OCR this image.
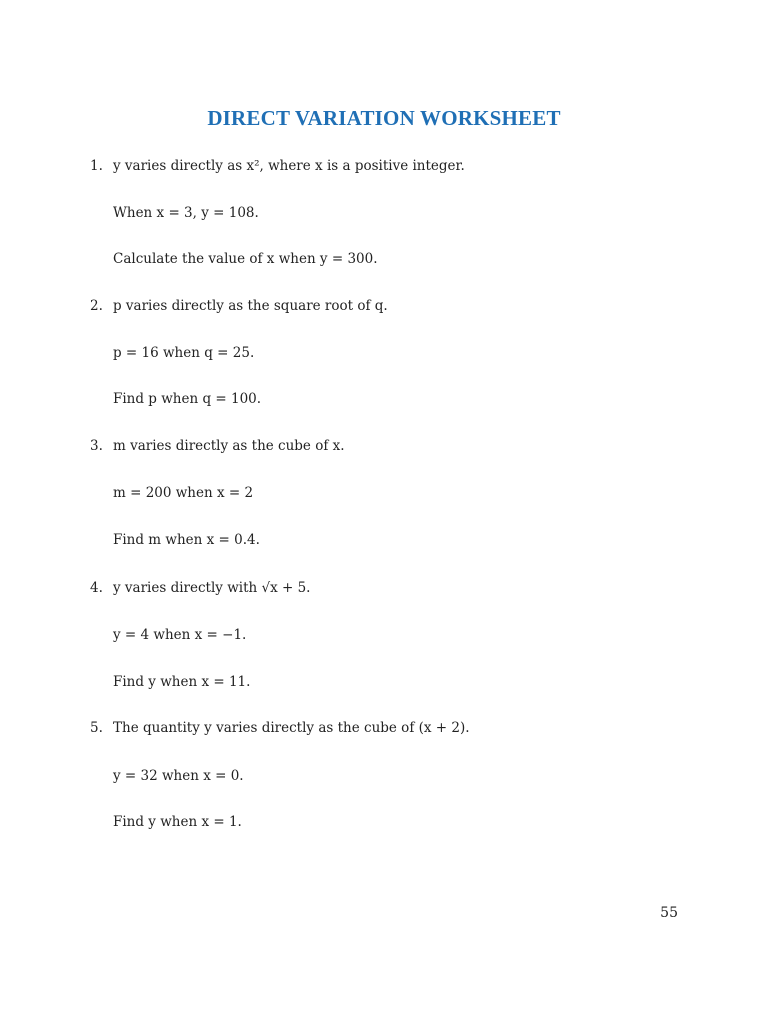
DIRECT VARIATION WORKSHEET
1. y varies directly as x², where x is a positive integer.
When x = 3, y = 108.
Calculate the value of x when y = 300.
2. p varies directly as the square root of q.
p = 16 when q = 25.
Find p when q = 100.
3. m varies directly as the cube of x.
m = 200 when x = 2
Find m when x = 0.4.
4. y varies directly with √x + 5.
y = 4 when x = −1.
Find y when x = 11.
5. The quantity y varies directly as the cube of (x + 2).
y = 32 when x = 0.
Find y when x = 1.
55
